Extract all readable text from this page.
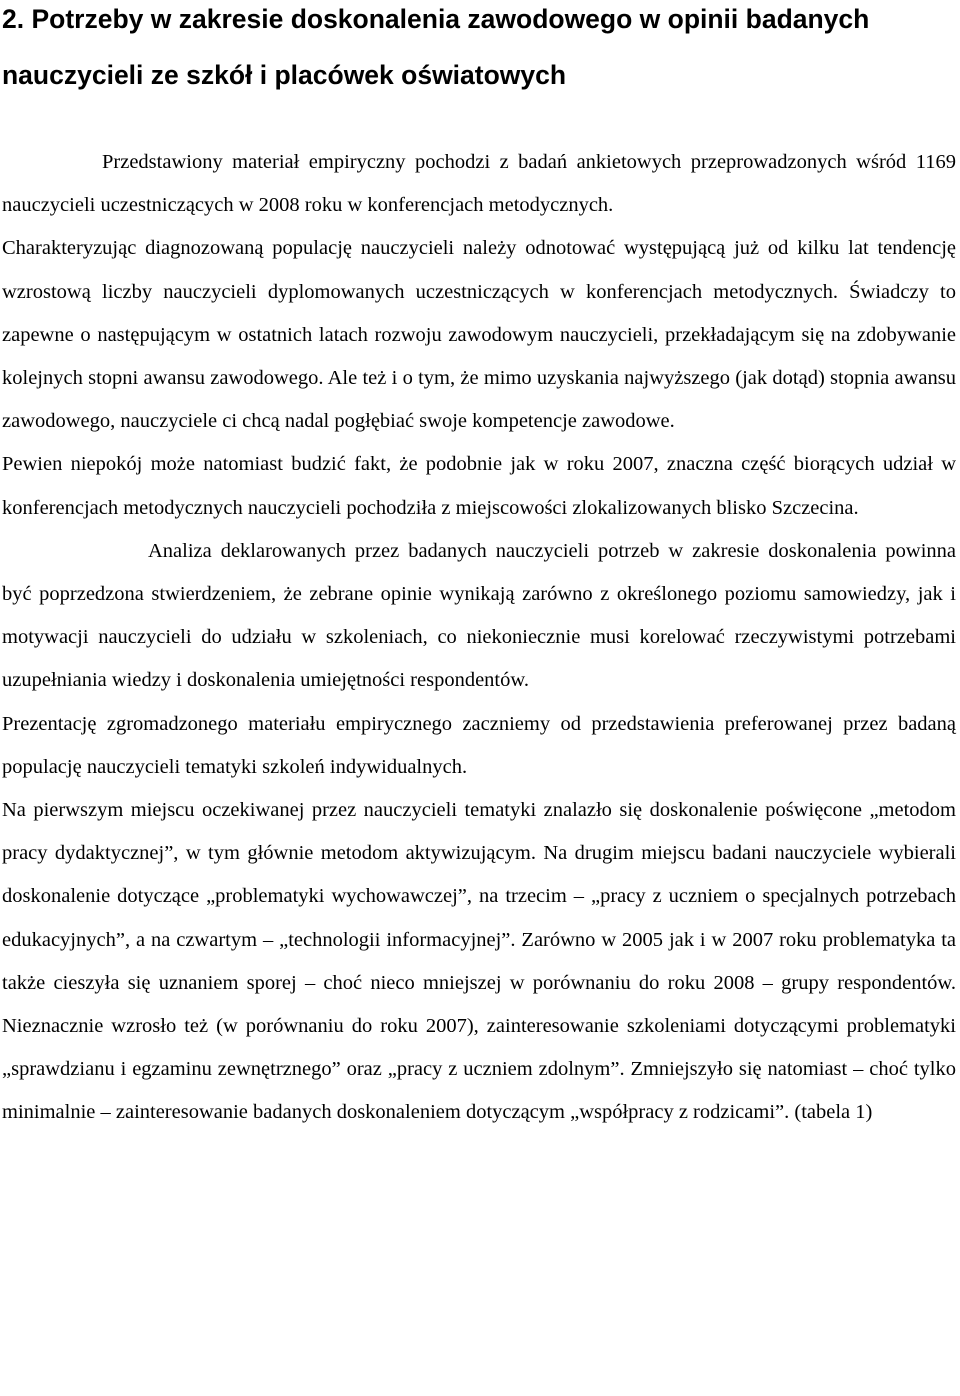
2. Potrzeby w zakresie doskonalenia zawodowego w opinii badanych nauczycieli ze szkół i placówek oświatowych

Przedstawiony materiał empiryczny pochodzi z badań ankietowych przeprowadzonych wśród 1169 nauczycieli uczestniczących w 2008 roku w konferencjach metodycznych.

Charakteryzując diagnozowaną populację nauczycieli należy odnotować występującą już od kilku lat tendencję wzrostową liczby nauczycieli dyplomowanych uczestniczących w konferencjach metodycznych. Świadczy to zapewne o następującym w ostatnich latach rozwoju zawodowym nauczycieli, przekładającym się na zdobywanie kolejnych stopni awansu zawodowego. Ale też i o tym, że mimo uzyskania najwyższego (jak dotąd) stopnia awansu zawodowego, nauczyciele ci chcą nadal pogłębiać swoje kompetencje zawodowe.

Pewien niepokój może natomiast budzić fakt, że podobnie jak w roku 2007, znaczna część biorących udział w konferencjach metodycznych nauczycieli pochodziła z miejscowości zlokalizowanych blisko Szczecina.

Analiza deklarowanych przez badanych nauczycieli potrzeb w zakresie doskonalenia powinna być poprzedzona stwierdzeniem, że zebrane opinie wynikają zarówno z określonego poziomu samowiedzy, jak i motywacji nauczycieli do udziału w szkoleniach, co niekoniecznie musi korelować rzeczywistymi potrzebami uzupełniania wiedzy i doskonalenia umiejętności respondentów.

Prezentację zgromadzonego materiału empirycznego zaczniemy od przedstawienia preferowanej przez badaną populację nauczycieli tematyki szkoleń indywidualnych.

Na pierwszym miejscu oczekiwanej przez nauczycieli tematyki znalazło się doskonalenie poświęcone „metodom pracy dydaktycznej”, w tym głównie metodom aktywizującym. Na drugim miejscu badani nauczyciele wybierali doskonalenie dotyczące „problematyki wychowawczej”, na trzecim – „pracy z uczniem o specjalnych potrzebach edukacyjnych”, a na czwartym – „technologii informacyjnej”. Zarówno w 2005 jak i w 2007 roku problematyka ta także cieszyła się uznaniem sporej – choć nieco mniejszej w porównaniu do roku 2008 – grupy respondentów. Nieznacznie wzrosło też (w porównaniu do roku 2007), zainteresowanie szkoleniami dotyczącymi problematyki „sprawdzianu i egzaminu zewnętrznego” oraz „pracy z uczniem zdolnym”. Zmniejszyło się natomiast – choć tylko minimalnie – zainteresowanie badanych doskonaleniem dotyczącym „współpracy z rodzicami”. (tabela 1)
